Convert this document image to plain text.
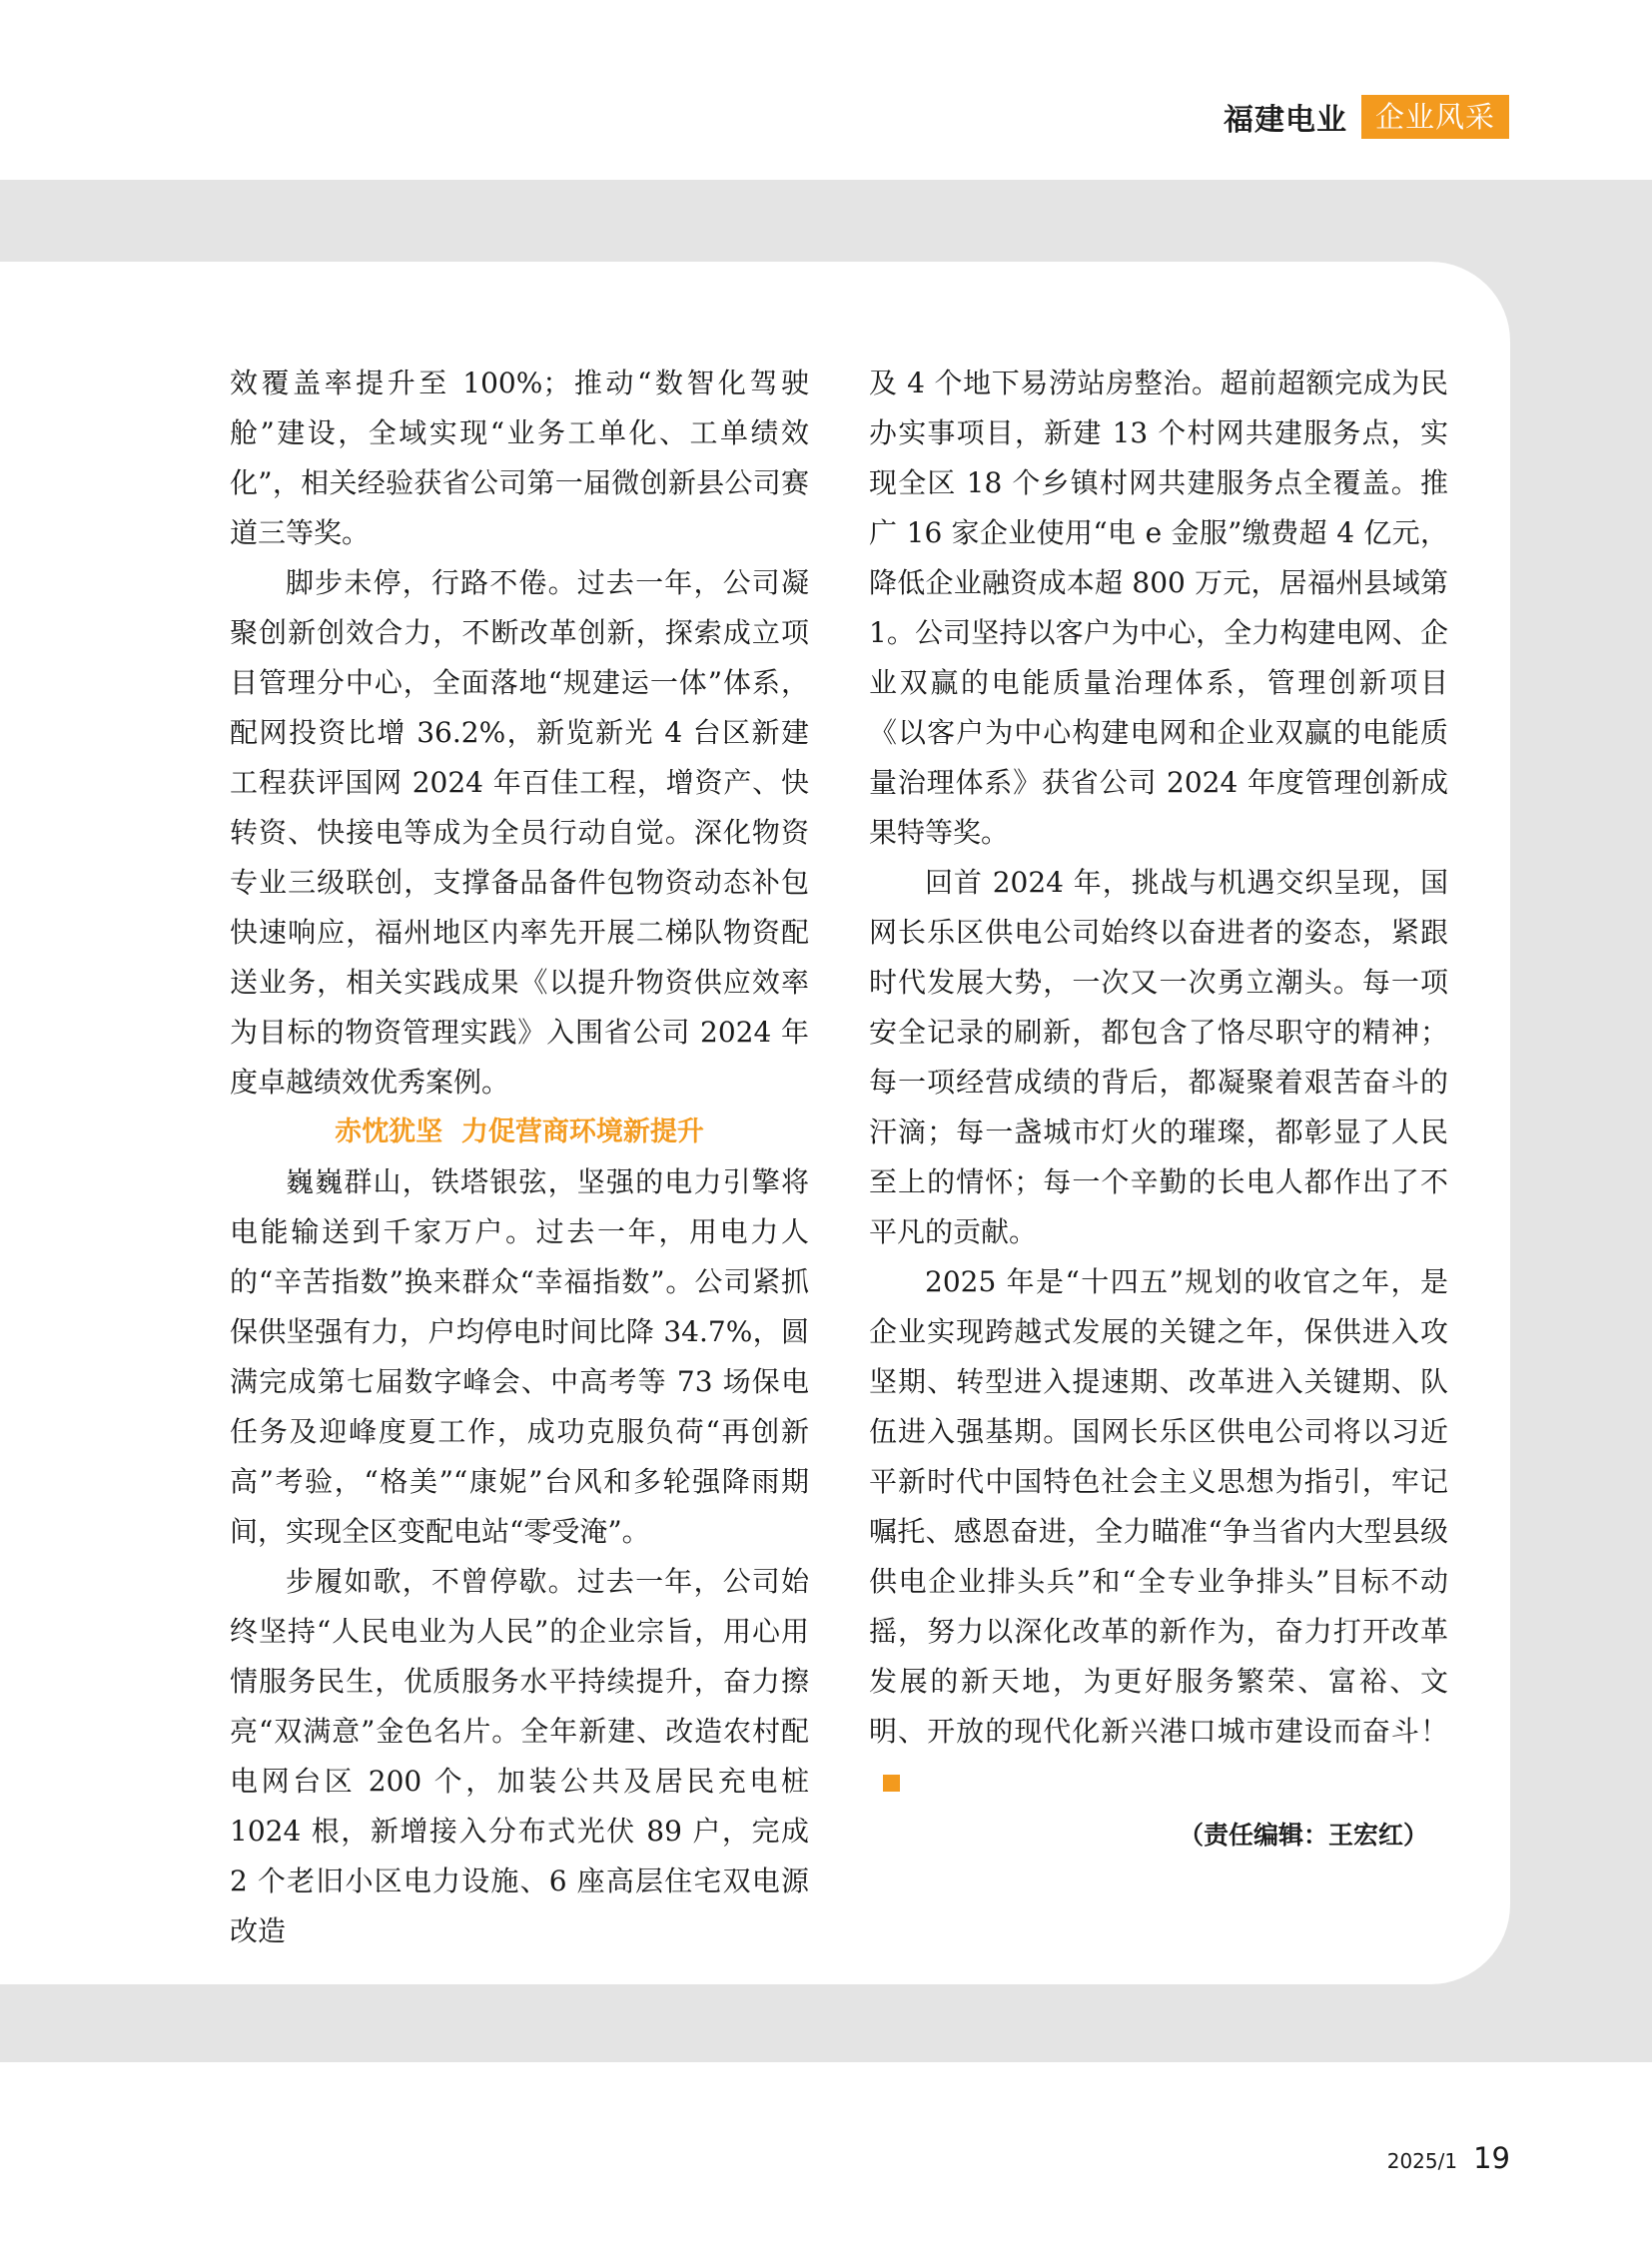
福建电业 企业风采

效覆盖率提升至 100%；推动“数智化驾驶舱”建设，全域实现“业务工单化、工单绩效化”，相关经验获省公司第一届微创新县公司赛道三等奖。

脚步未停，行路不倦。过去一年，公司凝聚创新创效合力，不断改革创新，探索成立项目管理分中心，全面落地“规建运一体”体系，配网投资比增 36.2%，新览新光 4 台区新建工程获评国网 2024 年百佳工程，增资产、快转资、快接电等成为全员行动自觉。深化物资专业三级联创，支撑备品备件包物资动态补包快速响应，福州地区内率先开展二梯队物资配送业务，相关实践成果《以提升物资供应效率为目标的物资管理实践》入围省公司 2024 年度卓越绩效优秀案例。

赤忱犹坚  力促营商环境新提升

巍巍群山，铁塔银弦，坚强的电力引擎将电能输送到千家万户。过去一年，用电力人的“辛苦指数”换来群众“幸福指数”。公司紧抓保供坚强有力，户均停电时间比降 34.7%，圆满完成第七届数字峰会、中高考等 73 场保电任务及迎峰度夏工作，成功克服负荷“再创新高”考验，“格美”“康妮”台风和多轮强降雨期间，实现全区变配电站“零受淹”。

步履如歌，不曾停歇。过去一年，公司始终坚持“人民电业为人民”的企业宗旨，用心用情服务民生，优质服务水平持续提升，奋力擦亮“双满意”金色名片。全年新建、改造农村配电网台区 200 个，加装公共及居民充电桩 1024 根，新增接入分布式光伏 89 户，完成 2 个老旧小区电力设施、6 座高层住宅双电源改造

及 4 个地下易涝站房整治。超前超额完成为民办实事项目，新建 13 个村网共建服务点，实现全区 18 个乡镇村网共建服务点全覆盖。推广 16 家企业使用“电 e 金服”缴费超 4 亿元，降低企业融资成本超 800 万元，居福州县域第 1。公司坚持以客户为中心，全力构建电网、企业双赢的电能质量治理体系，管理创新项目《以客户为中心构建电网和企业双赢的电能质量治理体系》获省公司 2024 年度管理创新成果特等奖。

回首 2024 年，挑战与机遇交织呈现，国网长乐区供电公司始终以奋进者的姿态，紧跟时代发展大势，一次又一次勇立潮头。每一项安全记录的刷新，都包含了恪尽职守的精神；每一项经营成绩的背后，都凝聚着艰苦奋斗的汗滴；每一盏城市灯火的璀璨，都彰显了人民至上的情怀；每一个辛勤的长电人都作出了不平凡的贡献。

2025 年是“十四五”规划的收官之年，是企业实现跨越式发展的关键之年，保供进入攻坚期、转型进入提速期、改革进入关键期、队伍进入强基期。国网长乐区供电公司将以习近平新时代中国特色社会主义思想为指引，牢记嘱托、感恩奋进，全力瞄准“争当省内大型县级供电企业排头兵”和“全专业争排头”目标不动摇，努力以深化改革的新作为，奋力打开改革发展的新天地，为更好服务繁荣、富裕、文明、开放的现代化新兴港口城市建设而奋斗！

（责任编辑：王宏红）
2025/1 19
